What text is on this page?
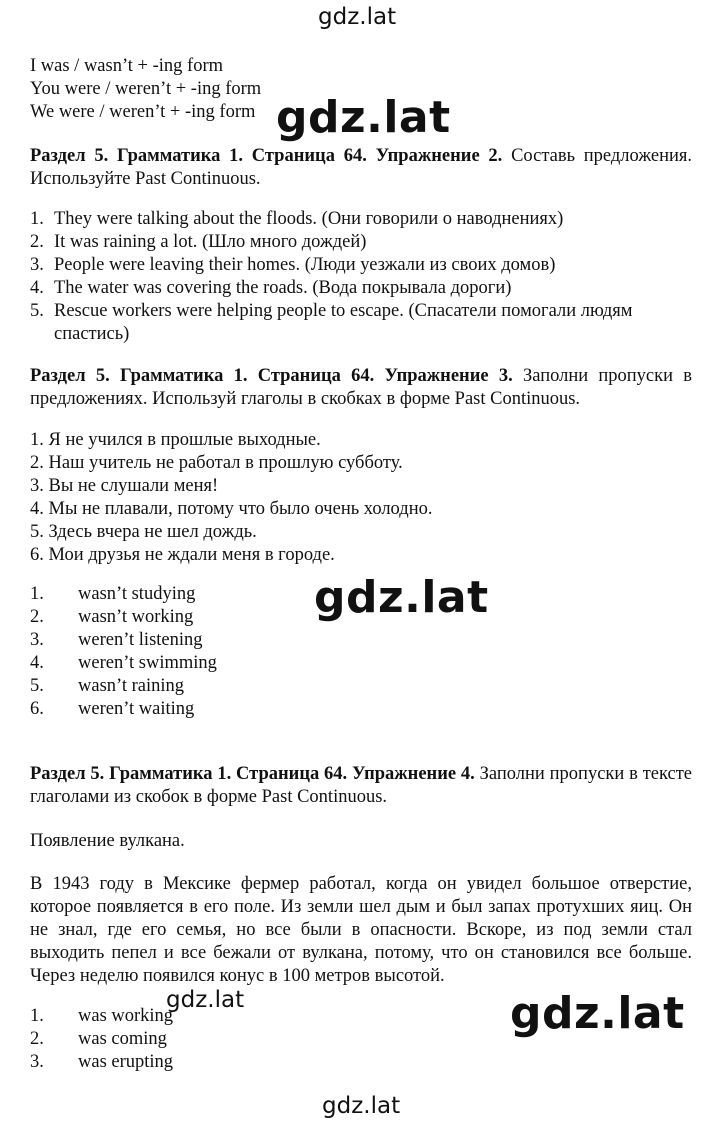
gdz.lat
gdz.lat
I was / wasn’t + -ing form
You were / weren’t + -ing form
We were / weren’t + -ing form
Раздел 5. Грамматика 1. Страница 64. Упражнение 2. Составь предложения. Используйте Past Continuous.
1. They were talking about the floods. (Они говорили о наводнениях)
2. It was raining a lot. (Шло много дождей)
3. People were leaving their homes. (Люди уезжали из своих домов)
4. The water was covering the roads. (Вода покрывала дороги)
5. Rescue workers were helping people to escape. (Спасатели помогали людям спастись)
Раздел 5. Грамматика 1. Страница 64. Упражнение 3. Заполни пропуски в предложениях. Используй глаголы в скобках в форме Past Continuous.
1. Я не учился в прошлые выходные.
2. Наш учитель не работал в прошлую субботу.
3. Вы не слушали меня!
4. Мы не плавали, потому что было очень холодно.
5. Здесь вчера не шел дождь.
6. Мои друзья не ждали меня в городе.
1. wasn’t studying
2. wasn’t working
3. weren’t listening
4. weren’t swimming
5. wasn’t raining
6. weren’t waiting
gdz.lat
Раздел 5. Грамматика 1. Страница 64. Упражнение 4. Заполни пропуски в тексте глаголами из скобок в форме Past Continuous.
Появление вулкана.
В 1943 году в Мексике фермер работал, когда он увидел большое отверстие, которое появляется в его поле. Из земли шел дым и был запах протухших яиц. Он не знал, где его семья, но все были в опасности. Вскоре, из под земли стал выходить пепел и все бежали от вулкана, потому, что он становился все больше. Через неделю появился конус в 100 метров высотой.
gdz.lat	gdz.lat
1. was working
2. was coming
3. was erupting
gdz.lat
